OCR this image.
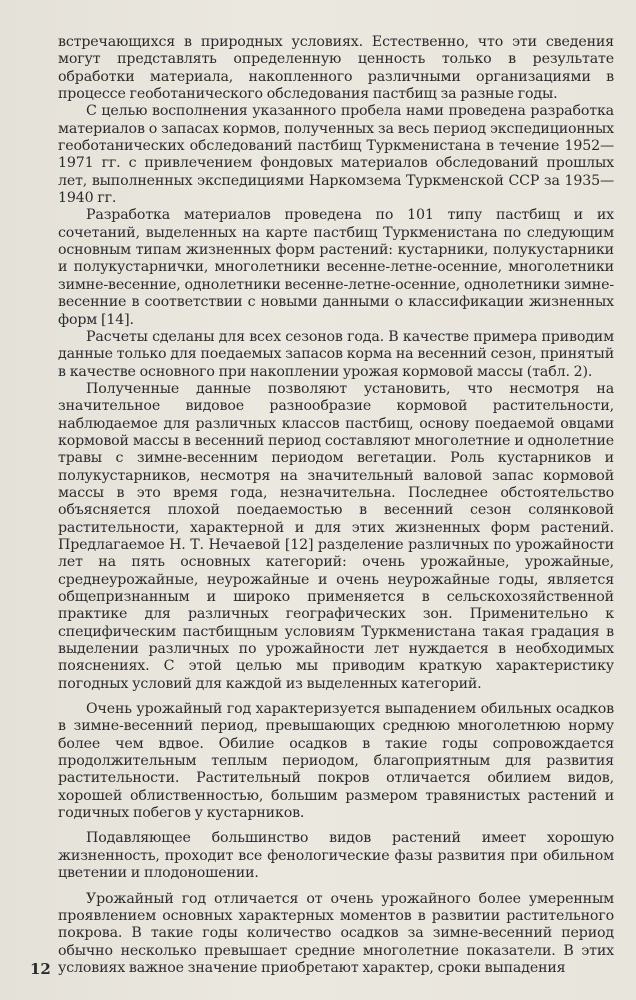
встречающихся в природных условиях. Естественно, что эти сведения могут представлять определенную ценность только в результате обработки материала, накопленного различными организациями в процессе геоботанического обследования пастбищ за разные годы.

С целью восполнения указанного пробела нами проведена разработка материалов о запасах кормов, полученных за весь период экспедиционных геоботанических обследований пастбищ Туркменистана в течение 1952—1971 гг. с привлечением фондовых материалов обследований прошлых лет, выполненных экспедициями Наркомзема Туркменской ССР за 1935—1940 гг.

Разработка материалов проведена по 101 типу пастбищ и их сочетаний, выделенных на карте пастбищ Туркменистана по следующим основным типам жизненных форм растений: кустарники, полукустарники и полукустарнички, многолетники весенне-летне-осенние, многолетники зимне-весенние, однолетники весенне-летне-осенние, однолетники зимне-весенние в соответствии с новыми данными о классификации жизненных форм [14].

Расчеты сделаны для всех сезонов года. В качестве примера приводим данные только для поедаемых запасов корма на весенний сезон, принятый в качестве основного при накоплении урожая кормовой массы (табл. 2).

Полученные данные позволяют установить, что несмотря на значительное видовое разнообразие кормовой растительности, наблюдаемое для различных классов пастбищ, основу поедаемой овцами кормовой массы в весенний период составляют многолетние и однолетние травы с зимне-весенним периодом вегетации. Роль кустарников и полукустарников, несмотря на значительный валовой запас кормовой массы в это время года, незначительна. Последнее обстоятельство объясняется плохой поедаемостью в весенний сезон солянковой растительности, характерной и для этих жизненных форм растений. Предлагаемое Н. Т. Нечаевой [12] разделение различных по урожайности лет на пять основных категорий: очень урожайные, урожайные, среднеурожайные, неурожайные и очень неурожайные годы, является общепризнанным и широко применяется в сельскохозяйственной практике для различных географических зон. Применительно к специфическим пастбищным условиям Туркменистана такая градация в выделении различных по урожайности лет нуждается в необходимых пояснениях. С этой целью мы приводим краткую характеристику погодных условий для каждой из выделенных категорий.

Очень урожайный год характеризуется выпадением обильных осадков в зимне-весенний период, превышающих среднюю многолетнюю норму более чем вдвое. Обилие осадков в такие годы сопровождается продолжительным теплым периодом, благоприятным для развития растительности. Растительный покров отличается обилием видов, хорошей облиственностью, большим размером травянистых растений и годичных побегов у кустарников.

Подавляющее большинство видов растений имеет хорошую жизненность, проходит все фенологические фазы развития при обильном цветении и плодоношении.

Урожайный год отличается от очень урожайного более умеренным проявлением основных характерных моментов в развитии растительного покрова. В такие годы количество осадков за зимне-весенний период обычно несколько превышает средние многолетние показатели. В этих условиях важное значение приобретают характер, сроки выпадения

12
